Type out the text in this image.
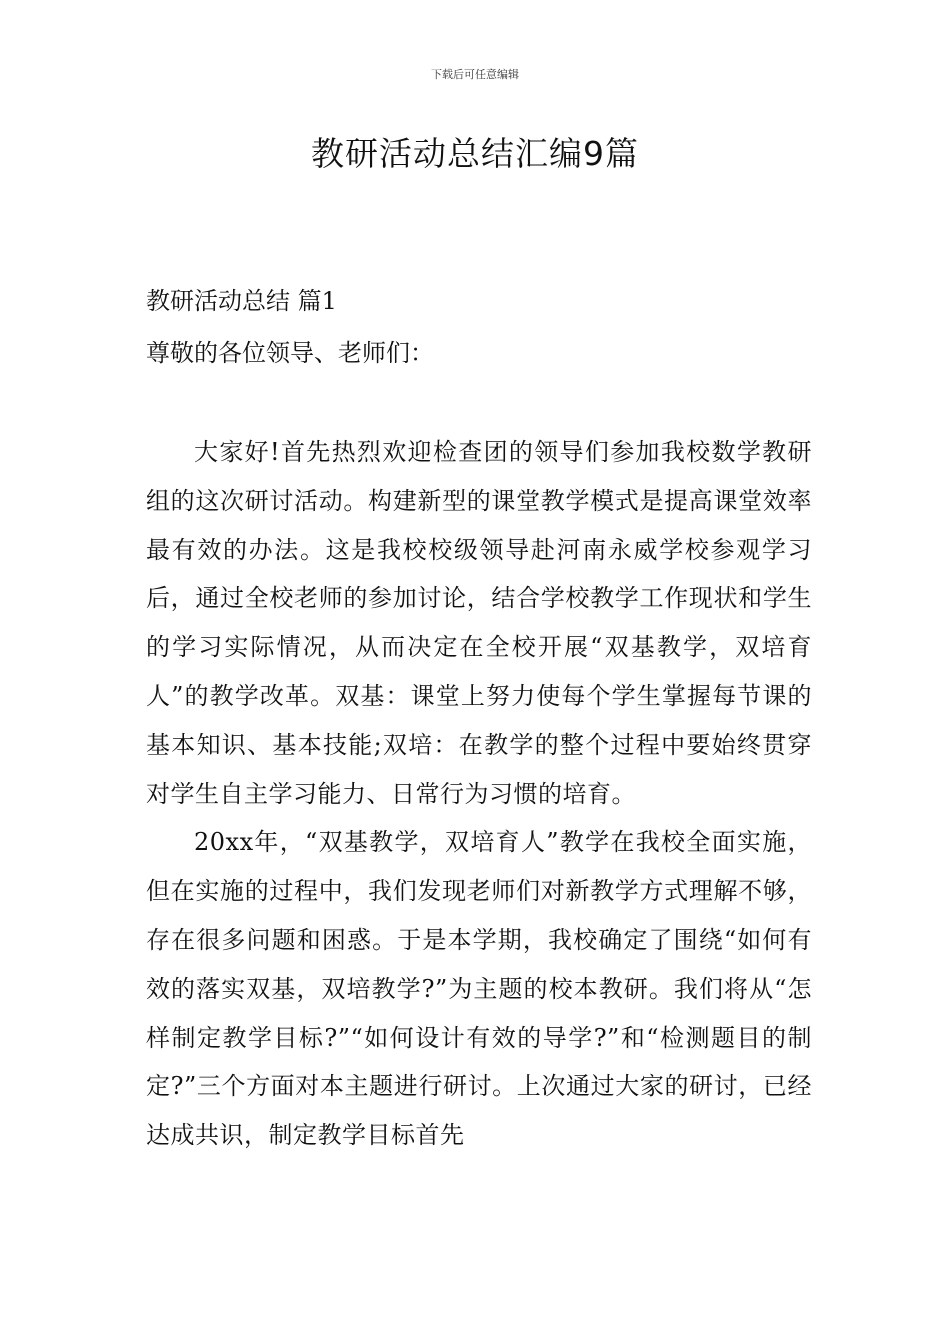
下载后可任意编辑
教研活动总结汇编9篇
教研活动总结 篇1
尊敬的各位领导、老师们：

大家好!首先热烈欢迎检查团的领导们参加我校数学教研组的这次研讨活动。构建新型的课堂教学模式是提高课堂效率最有效的办法。这是我校校级领导赴河南永威学校参观学习后，通过全校老师的参加讨论，结合学校教学工作现状和学生的学习实际情况，从而决定在全校开展“双基教学，双培育人”的教学改革。双基：课堂上努力使每个学生掌握每节课的基本知识、基本技能;双培：在教学的整个过程中要始终贯穿对学生自主学习能力、日常行为习惯的培育。

20xx年，“双基教学，双培育人”教学在我校全面实施，但在实施的过程中，我们发现老师们对新教学方式理解不够，存在很多问题和困惑。于是本学期，我校确定了围绕“如何有效的落实双基，双培教学?”为主题的校本教研。我们将从“怎样制定教学目标?”“如何设计有效的导学?”和“检测题目的制定?”三个方面对本主题进行研讨。上次通过大家的研讨，已经达成共识，制定教学目标首先
